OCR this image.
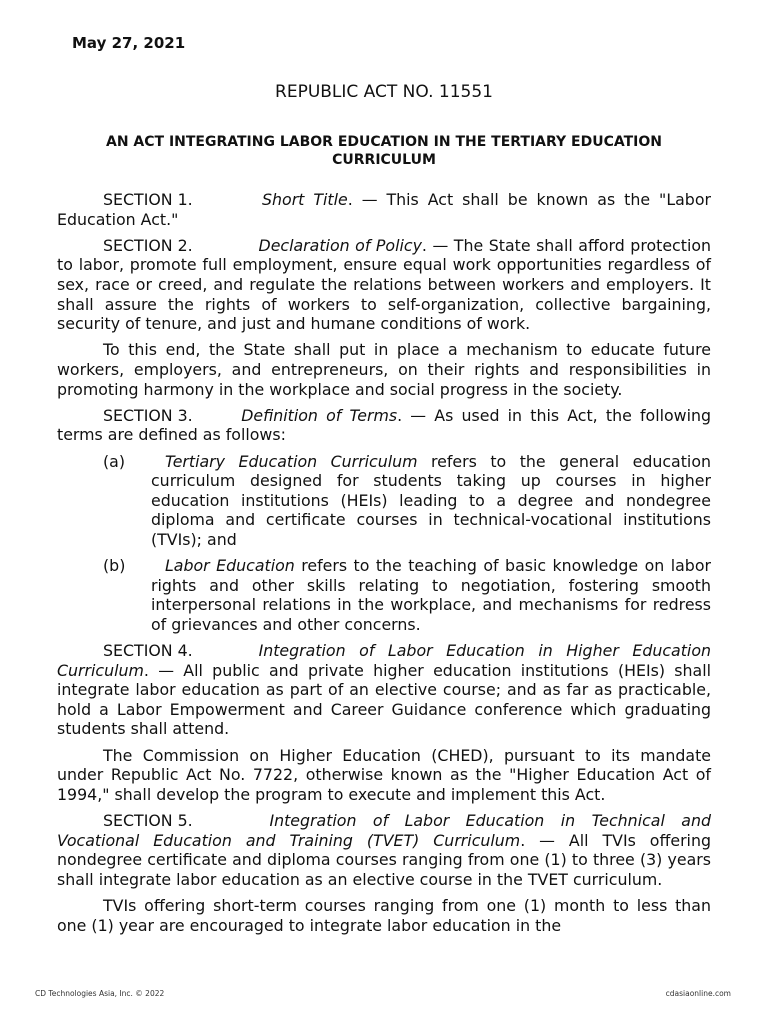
May 27, 2021
REPUBLIC ACT NO. 11551
AN ACT INTEGRATING LABOR EDUCATION IN THE TERTIARY EDUCATION CURRICULUM

SECTION 1.	Short Title. — This Act shall be known as the "Labor Education Act."

SECTION 2.	Declaration of Policy. — The State shall afford protection to labor, promote full employment, ensure equal work opportunities regardless of sex, race or creed, and regulate the relations between workers and employers. It shall assure the rights of workers to self-organization, collective bargaining, security of tenure, and just and humane conditions of work.

To this end, the State shall put in place a mechanism to educate future workers, employers, and entrepreneurs, on their rights and responsibilities in promoting harmony in the workplace and social progress in the society.

SECTION 3.	Definition of Terms. — As used in this Act, the following terms are defined as follows:

(a)	Tertiary Education Curriculum refers to the general education curriculum designed for students taking up courses in higher education institutions (HEIs) leading to a degree and nondegree diploma and certificate courses in technical-vocational institutions (TVIs); and
(b)	Labor Education refers to the teaching of basic knowledge on labor rights and other skills relating to negotiation, fostering smooth interpersonal relations in the workplace, and mechanisms for redress of grievances and other concerns.

SECTION 4.	Integration of Labor Education in Higher Education Curriculum. — All public and private higher education institutions (HEIs) shall integrate labor education as part of an elective course; and as far as practicable, hold a Labor Empowerment and Career Guidance conference which graduating students shall attend.

The Commission on Higher Education (CHED), pursuant to its mandate under Republic Act No. 7722, otherwise known as the "Higher Education Act of 1994," shall develop the program to execute and implement this Act.

SECTION 5.	Integration of Labor Education in Technical and Vocational Education and Training (TVET) Curriculum. — All TVIs offering nondegree certificate and diploma courses ranging from one (1) to three (3) years shall integrate labor education as an elective course in the TVET curriculum.

TVIs offering short-term courses ranging from one (1) month to less than one (1) year are encouraged to integrate labor education in the

CD Technologies Asia, Inc. © 2022	cdasiaonline.com
